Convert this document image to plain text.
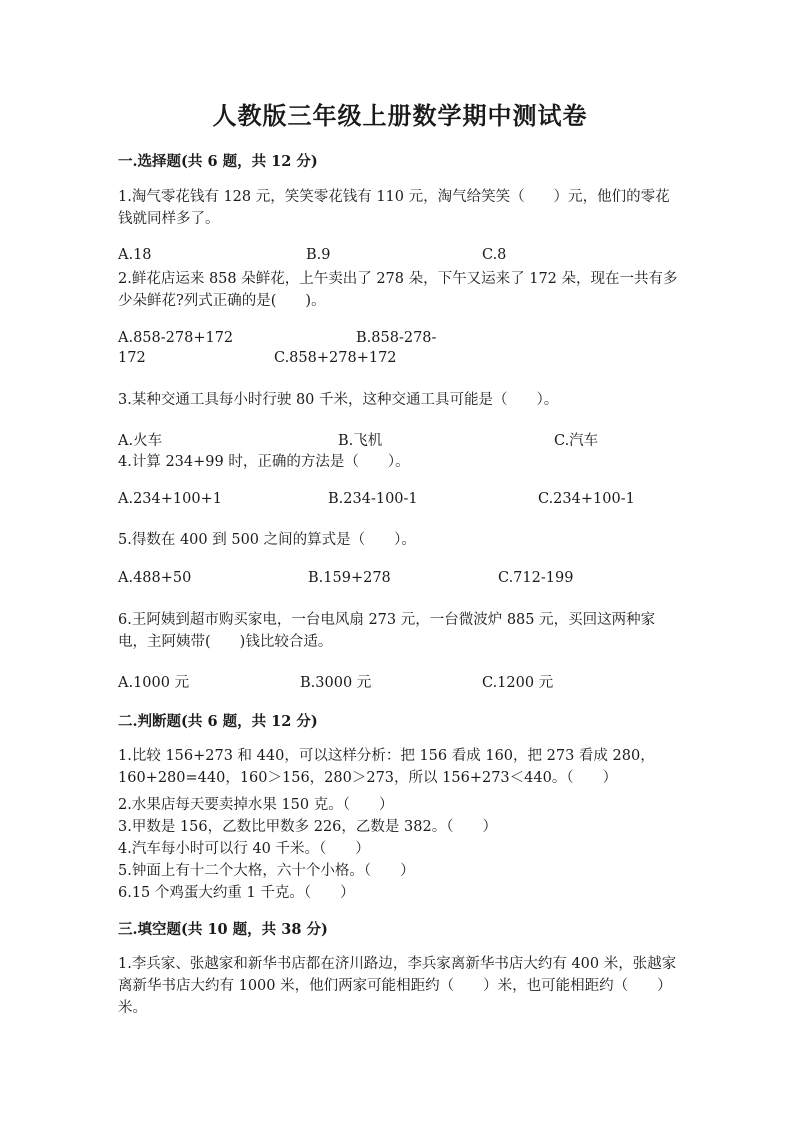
人教版三年级上册数学期中测试卷
一.选择题(共 6 题，共 12 分)
1.淘气零花钱有 128 元，笑笑零花钱有 110 元，淘气给笑笑（　　）元，他们的零花钱就同样多了。
A.18	B.9	C.8
2.鲜花店运来 858 朵鲜花，上午卖出了 278 朵，下午又运来了 172 朵，现在一共有多少朵鲜花?列式正确的是(　　)。
A.858-278+172	B.858-278-
172	C.858+278+172
3.某种交通工具每小时行驶 80 千米，这种交通工具可能是（　　）。
A.火车	B.飞机	C.汽车
4.计算 234+99 时，正确的方法是（　　）。
A.234+100+1	B.234-100-1	C.234+100-1
5.得数在 400 到 500 之间的算式是（　　）。
A.488+50	B.159+278	C.712-199
6.王阿姨到超市购买家电，一台电风扇 273 元，一台微波炉 885 元，买回这两种家电，主阿姨带(　　)钱比较合适。
A.1000 元	B.3000 元	C.1200 元
二.判断题(共 6 题，共 12 分)
1.比较 156+273 和 440，可以这样分析：把 156 看成 160，把 273 看成 280，160+280=440，160＞156，280＞273，所以 156+273＜440。（　　）
2.水果店每天要卖掉水果 150 克。（　　）
3.甲数是 156，乙数比甲数多 226，乙数是 382。（　　）
4.汽车每小时可以行 40 千米。（　　）
5.钟面上有十二个大格，六十个小格。（　　）
6.15 个鸡蛋大约重 1 千克。（　　）
三.填空题(共 10 题，共 38 分)
1.李兵家、张越家和新华书店都在济川路边，李兵家离新华书店大约有 400 米，张越家离新华书店大约有 1000 米，他们两家可能相距约（　　）米，也可能相距约（　　）米。
